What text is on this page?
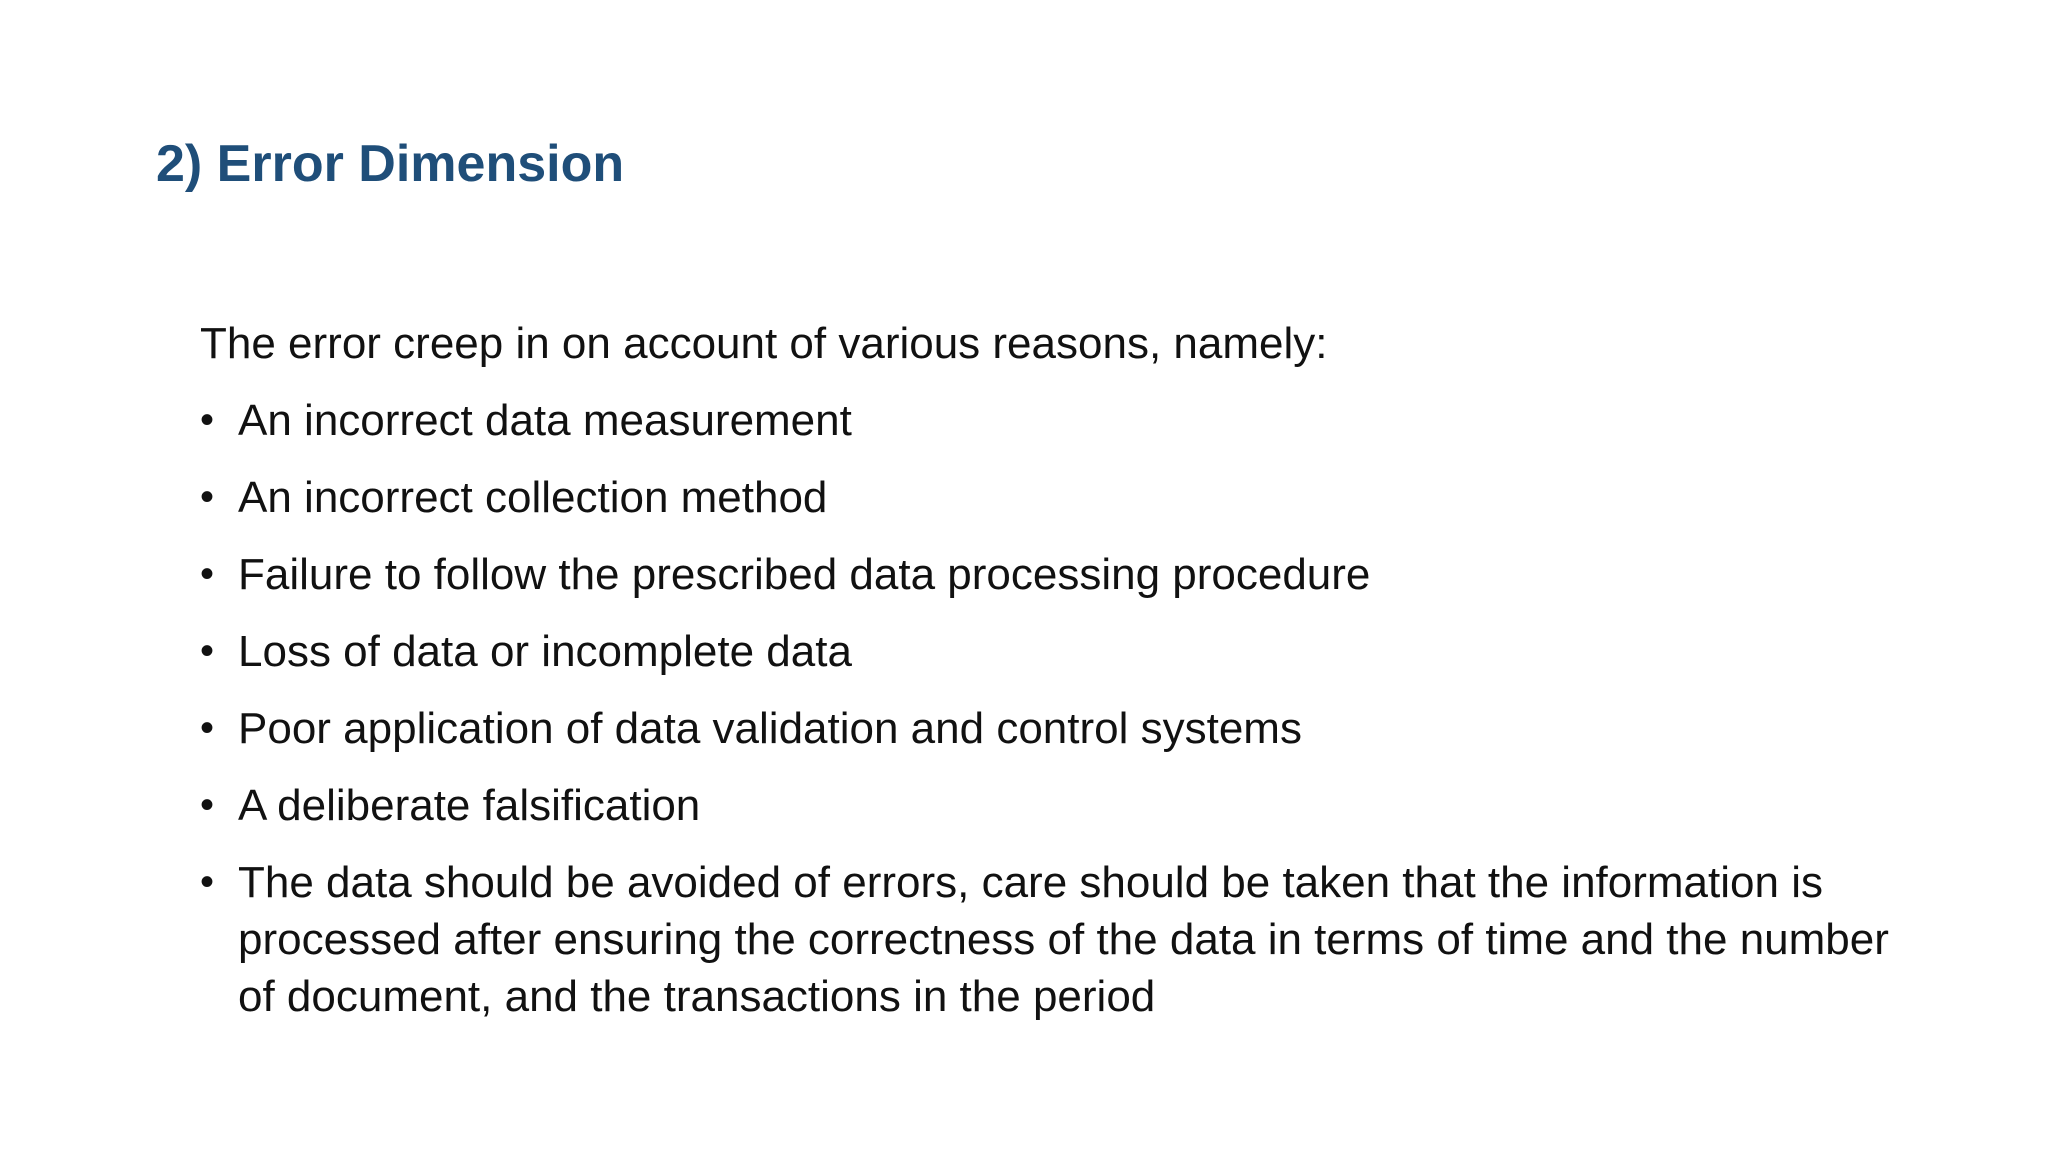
2) Error Dimension

The error creep in on account of various reasons, namely:

• An incorrect data measurement
• An incorrect collection method
• Failure to follow the prescribed data processing procedure
• Loss of data or incomplete data
• Poor application of data validation and control systems
• A deliberate falsification
• The data should be avoided of errors, care should be taken that the information is processed after ensuring the correctness of the data in terms of time and the number of document, and the transactions in the period
